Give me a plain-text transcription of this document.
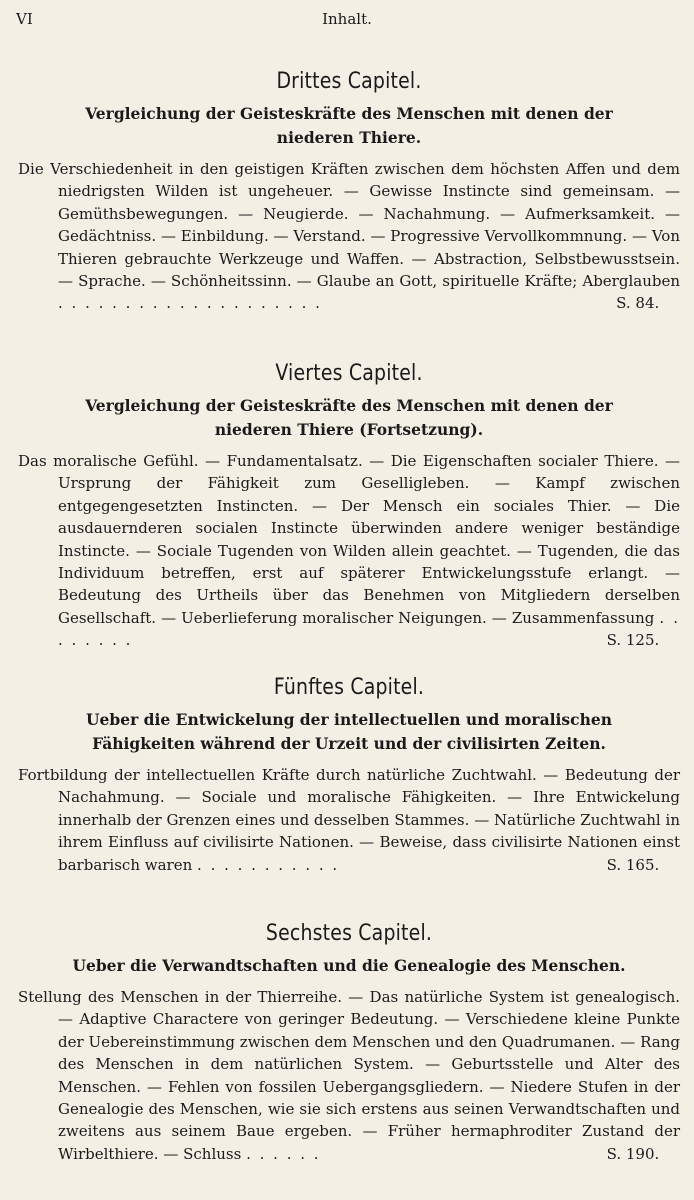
VI	Inhalt.
Drittes Capitel.
Vergleichung der Geisteskräfte des Menschen mit denen der niederen Thiere.

Die Verschiedenheit in den geistigen Kräften zwischen dem höchsten Affen und dem niedrigsten Wilden ist ungeheuer. — Gewisse Instincte sind gemeinsam. — Gemüthsbewegungen. — Neugierde. — Nachahmung. — Aufmerksamkeit. — Gedächtniss. — Einbildung. — Verstand. — Progressive Vervollkommnung. — Von Thieren gebrauchte Werkzeuge und Waffen. — Abstraction, Selbstbewusstsein. — Sprache. — Schönheitssinn. — Glaube an Gott, spirituelle Kräfte; Aberglauben . . . . . . . . . . . . . . . . . . . .	S. 84.

Viertes Capitel.
Vergleichung der Geisteskräfte des Menschen mit denen der niederen Thiere (Fortsetzung).

Das moralische Gefühl. — Fundamentalsatz. — Die Eigenschaften socialer Thiere. — Ursprung der Fähigkeit zum Geselligleben. — Kampf zwischen entgegengesetzten Instincten. — Der Mensch ein sociales Thier. — Die ausdauernderen socialen Instincte überwinden andere weniger beständige Instincte. — Sociale Tugenden von Wilden allein geachtet. — Tugenden, die das Individuum betreffen, erst auf späterer Entwickelungsstufe erlangt. — Bedeutung des Urtheils über das Benehmen von Mitgliedern derselben Gesellschaft. — Ueberlieferung moralischer Neigungen. — Zusammenfassung . . . . . . . .	S. 125.

Fünftes Capitel.
Ueber die Entwickelung der intellectuellen und moralischen Fähigkeiten während der Urzeit und der civilisirten Zeiten.

Fortbildung der intellectuellen Kräfte durch natürliche Zuchtwahl. — Bedeutung der Nachahmung. — Sociale und moralische Fähigkeiten. — Ihre Entwickelung innerhalb der Grenzen eines und desselben Stammes. — Natürliche Zuchtwahl in ihrem Einfluss auf civilisirte Nationen. — Beweise, dass civilisirte Nationen einst barbarisch waren . . . . . . . . . . .	S. 165.

Sechstes Capitel.
Ueber die Verwandtschaften und die Genealogie des Menschen.

Stellung des Menschen in der Thierreihe. — Das natürliche System ist genealogisch. — Adaptive Charactere von geringer Bedeutung. — Verschiedene kleine Punkte der Uebereinstimmung zwischen dem Menschen und den Quadrumanen. — Rang des Menschen in dem natürlichen System. — Geburtsstelle und Alter des Menschen. — Fehlen von fossilen Uebergangsgliedern. — Niedere Stufen in der Genealogie des Menschen, wie sie sich erstens aus seinen Verwandtschaften und zweitens aus seinem Baue ergeben. — Früher hermaphroditer Zustand der Wirbelthiere. — Schluss . . . . . .	S. 190.
